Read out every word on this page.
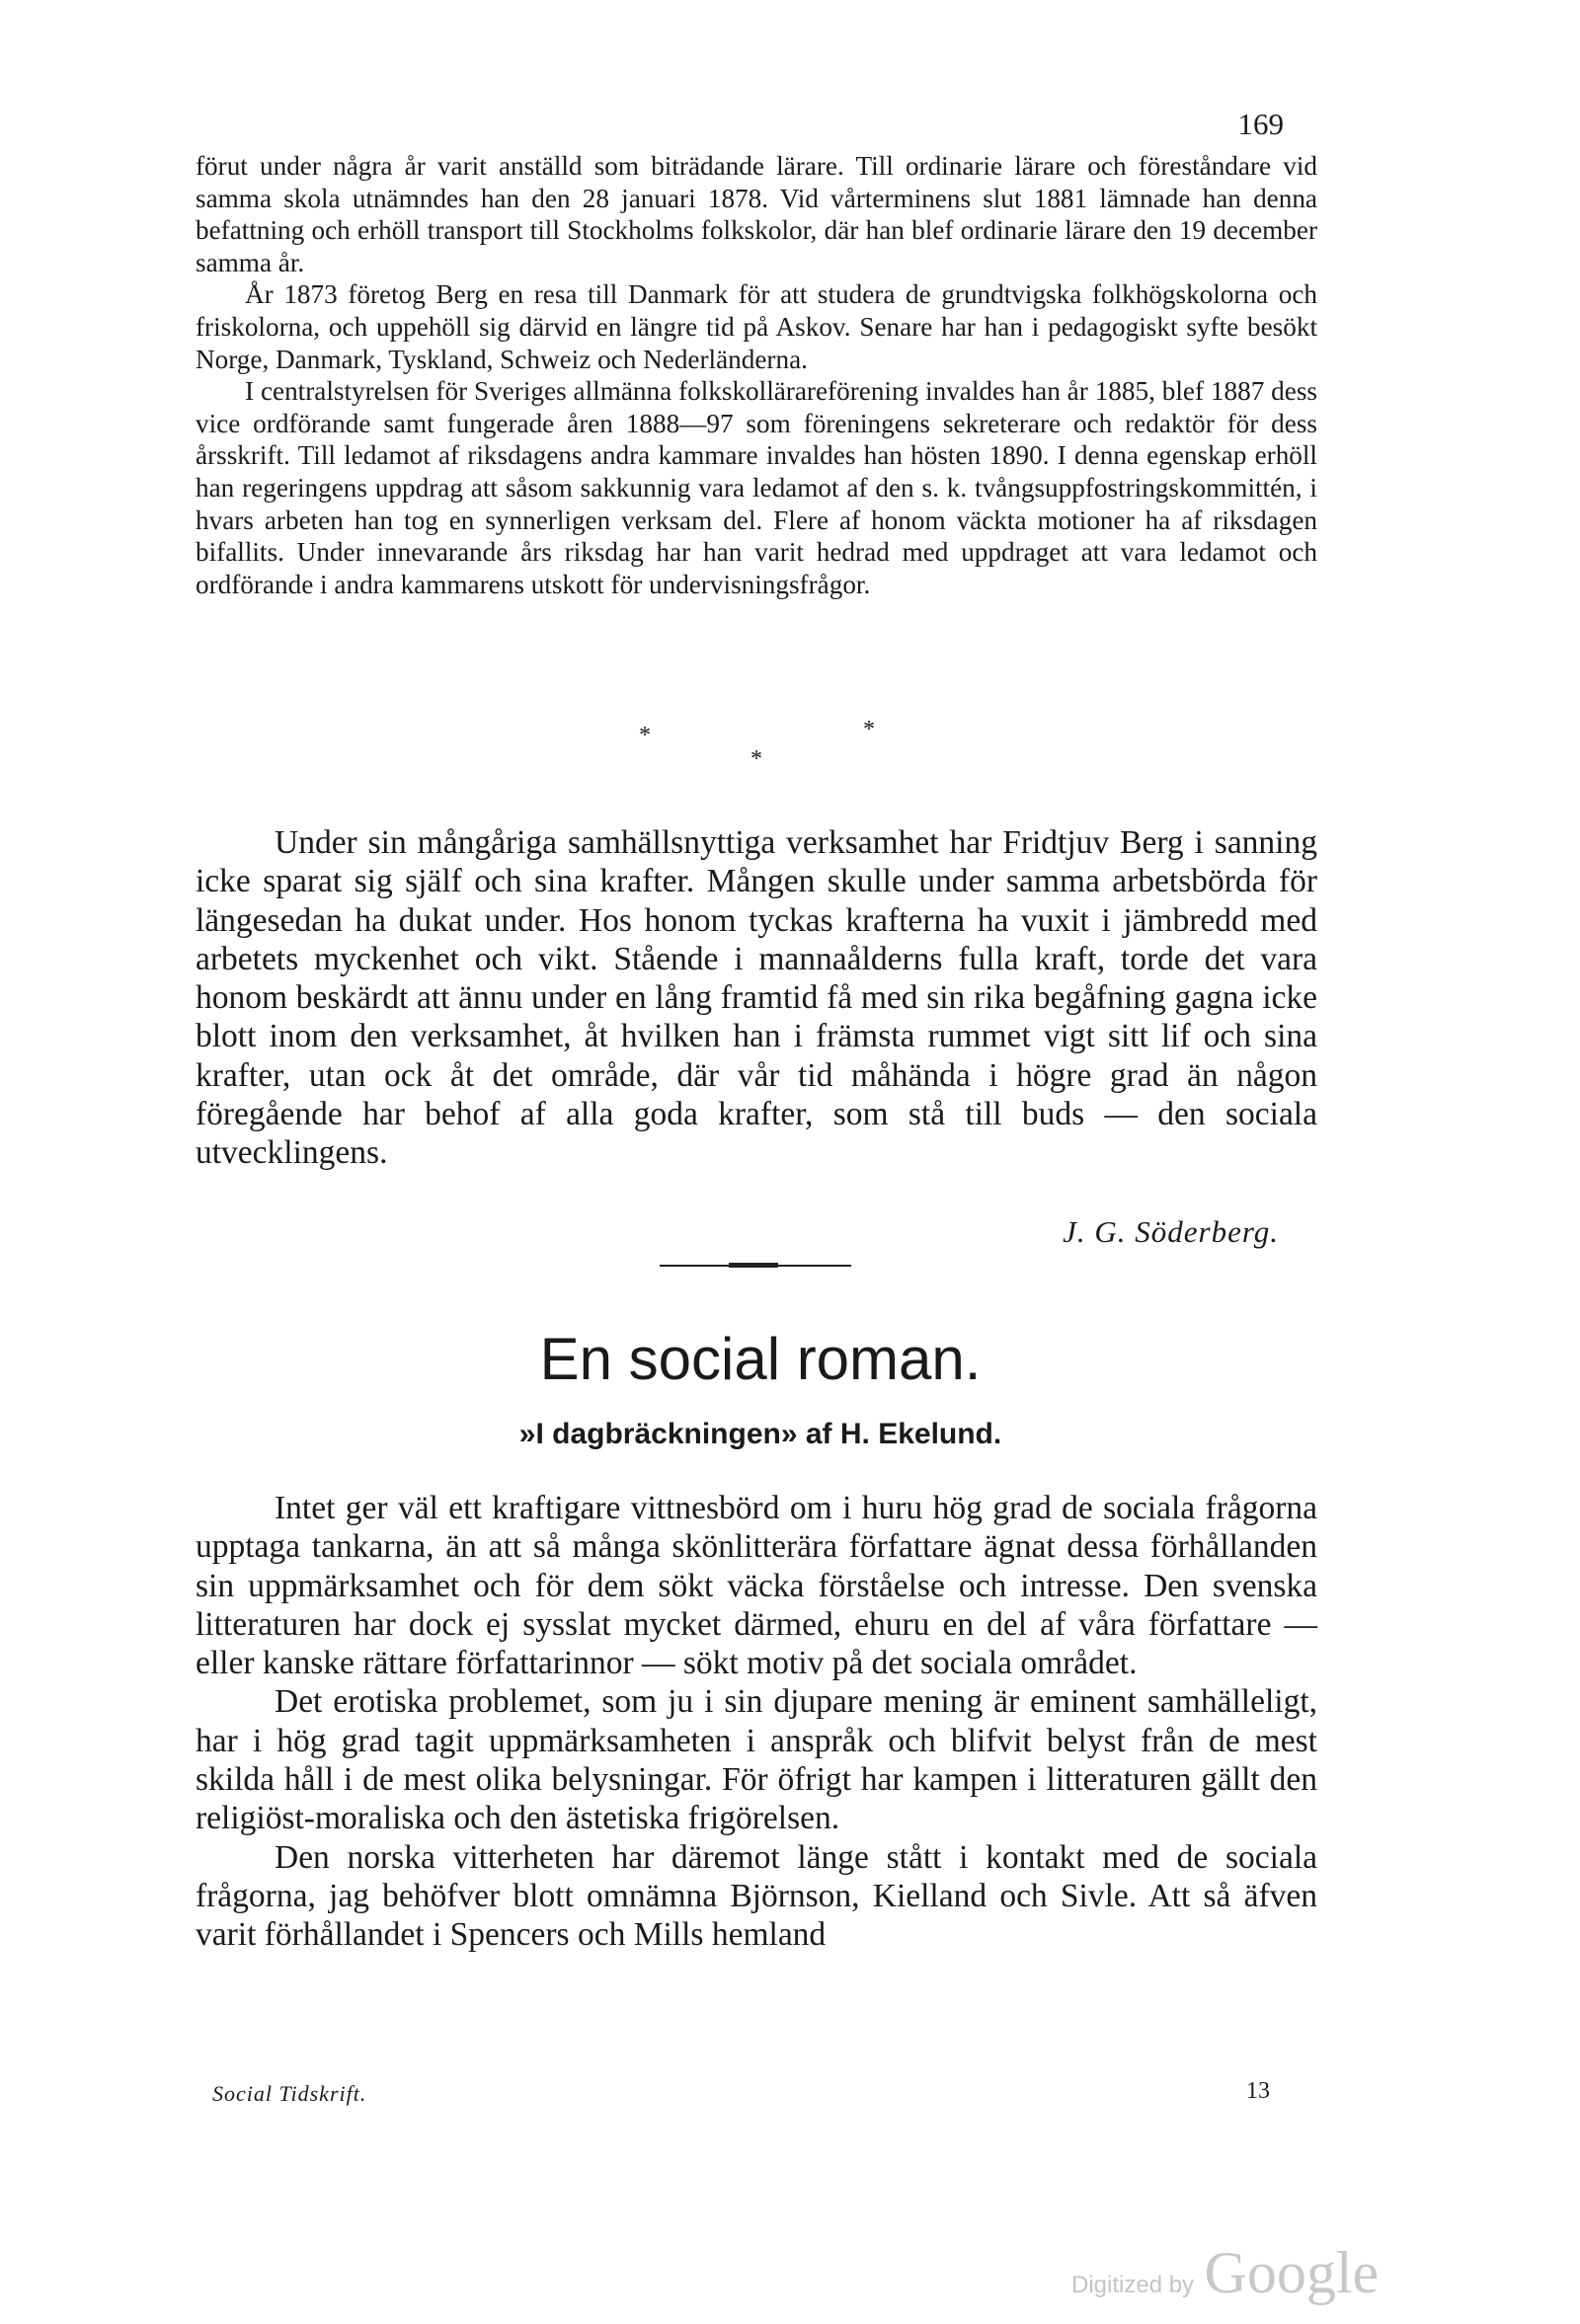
169

förut under några år varit anställd som biträdande lärare. Till ordinarie lärare och föreståndare vid samma skola utnämndes han den 28 januari 1878. Vid vårterminens slut 1881 lämnade han denna befattning och erhöll transport till Stockholms folkskolor, där han blef ordinarie lärare den 19 december samma år.

År 1873 företog Berg en resa till Danmark för att studera de grundtvigska folkhögskolorna och friskolorna, och uppehöll sig därvid en längre tid på Askov. Senare har han i pedagogiskt syfte besökt Norge, Danmark, Tyskland, Schweiz och Nederländerna.

I centralstyrelsen för Sveriges allmänna folkskollärareförening invaldes han år 1885, blef 1887 dess vice ordförande samt fungerade åren 1888—97 som föreningens sekreterare och redaktör för dess årsskrift. Till ledamot af riksdagens andra kammare invaldes han hösten 1890. I denna egenskap erhöll han regeringens uppdrag att såsom sakkunnig vara ledamot af den s. k. tvångsuppfostringskommittén, i hvars arbeten han tog en synnerligen verksam del. Flere af honom väckta motioner ha af riksdagen bifallits. Under innevarande års riksdag har han varit hedrad med uppdraget att vara ledamot och ordförande i andra kammarens utskott för undervisningsfrågor.

*
*
*

Under sin mångåriga samhällsnyttiga verksamhet har Fridtjuv Berg i sanning icke sparat sig själf och sina krafter. Mången skulle under samma arbetsbörda för längesedan ha dukat under. Hos honom tyckas krafterna ha vuxit i jämbredd med arbetets myckenhet och vikt. Stående i mannaålderns fulla kraft, torde det vara honom beskärdt att ännu under en lång framtid få med sin rika begåfning gagna icke blott inom den verksamhet, åt hvilken han i främsta rummet vigt sitt lif och sina krafter, utan ock åt det område, där vår tid måhända i högre grad än någon föregående har behof af alla goda krafter, som stå till buds — den sociala utvecklingens.

J. G. Söderberg.
En social roman.
»I dagbräckningen» af H. Ekelund.

Intet ger väl ett kraftigare vittnesbörd om i huru hög grad de sociala frågorna upptaga tankarna, än att så många skönlitterära författare ägnat dessa förhållanden sin uppmärksamhet och för dem sökt väcka förståelse och intresse. Den svenska litteraturen har dock ej sysslat mycket därmed, ehuru en del af våra författare — eller kanske rättare författarinnor — sökt motiv på det sociala området.

Det erotiska problemet, som ju i sin djupare mening är eminent samhälleligt, har i hög grad tagit uppmärksamheten i anspråk och blifvit belyst från de mest skilda håll i de mest olika belysningar. För öfrigt har kampen i litteraturen gällt den religiöst-moraliska och den ästetiska frigörelsen.

Den norska vitterheten har däremot länge stått i kontakt med de sociala frågorna, jag behöfver blott omnämna Björnson, Kielland och Sivle. Att så äfven varit förhållandet i Spencers och Mills hemland

Social Tidskrift.	13
Digitized by Google
